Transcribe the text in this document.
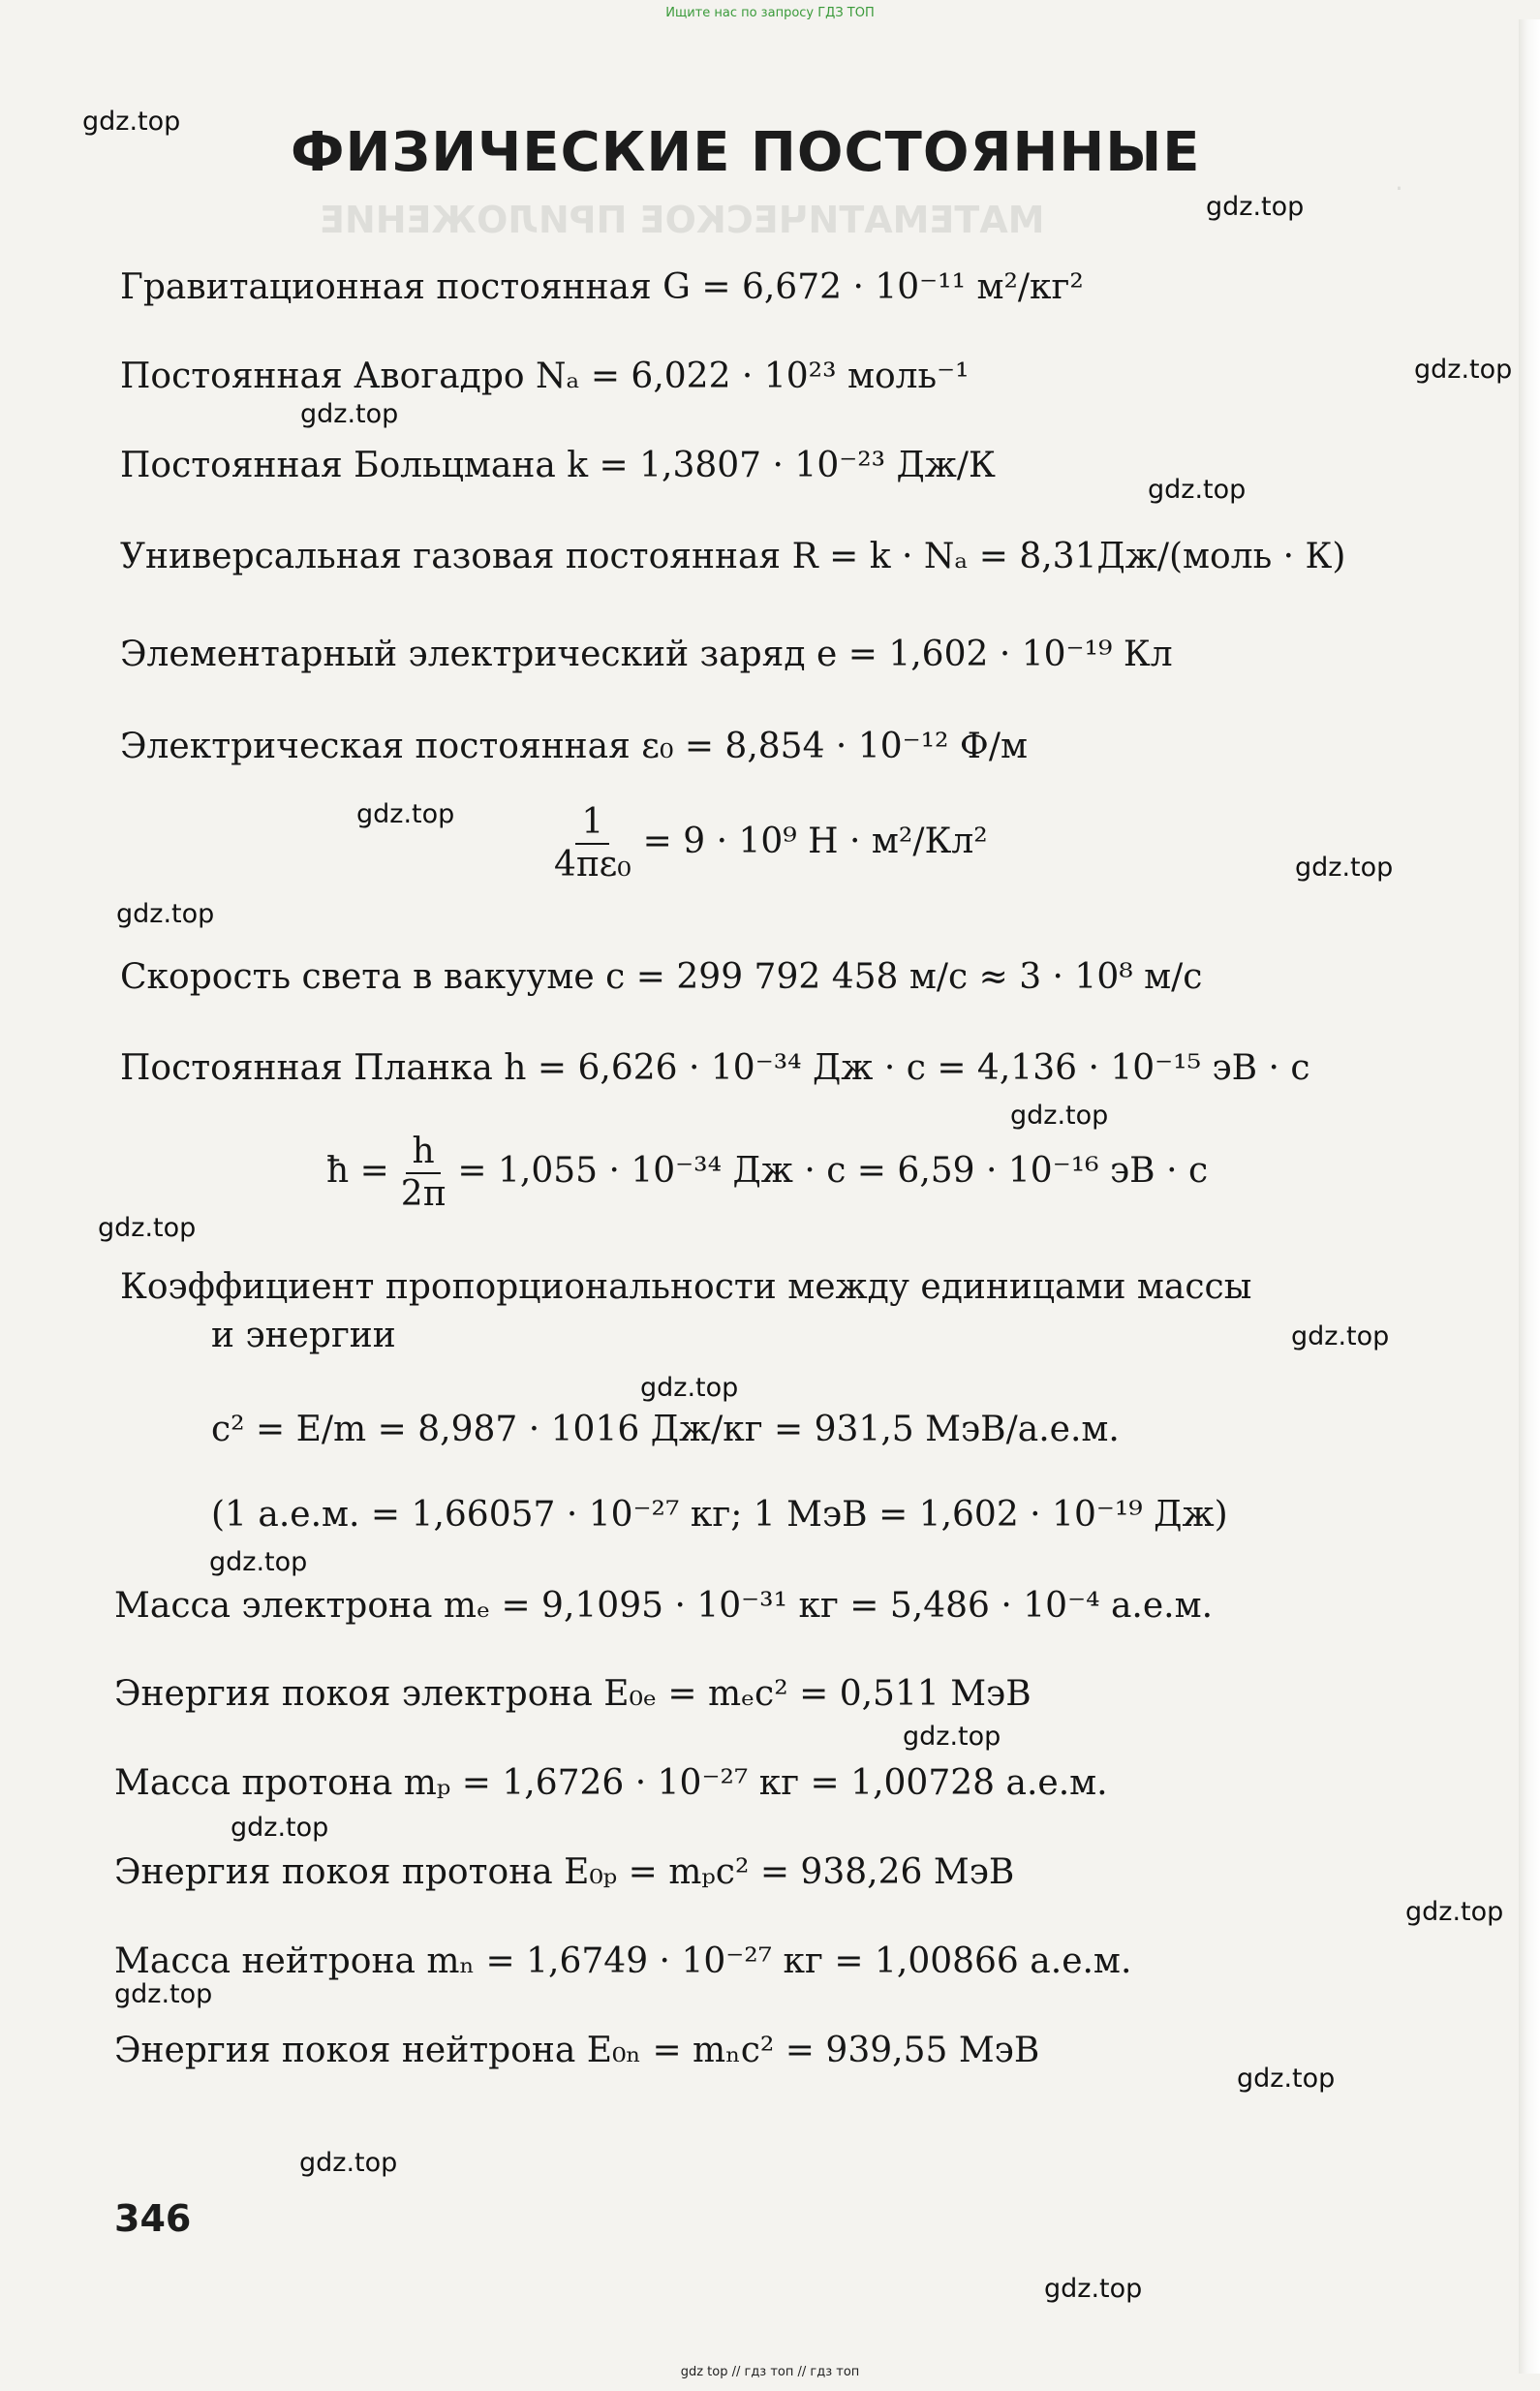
Ищите нас по запросу ГДЗ ТОП
ФИЗИЧЕСКИЕ ПОСТОЯННЫЕ
gdz.top
gdz.top
gdz.top
gdz.top
gdz.top
gdz.top
gdz.top
gdz.top
gdz.top
gdz.top
gdz.top
gdz.top
gdz.top
gdz.top
gdz.top
gdz.top
gdz.top
gdz.top
gdz.top
gdz.top
Гравитационная постоянная G = 6,672 · 10⁻¹¹ м²/кг²
Постоянная Авогадро Nₐ = 6,022 · 10²³ моль⁻¹
Постоянная Больцмана k = 1,3807 · 10⁻²³ Дж/К
Универсальная газовая постоянная R = k · Nₐ = 8,31Дж/(моль · К)
Элементарный электрический заряд e = 1,602 · 10⁻¹⁹ Кл
Электрическая постоянная ε₀ = 8,854 · 10⁻¹² Ф/м
$\frac{1}{\text{4πε₀}} = 9 \cdot 10^9$ Н · м²/Кл²
Скорость света в вакууме c = 299 792 458 м/с ≈ 3 · 10⁸ м/с
Постоянная Планка h = 6,626 · 10⁻³⁴ Дж · с = 4,136 · 10⁻¹⁵ эВ · с
ħ = $\frac{h}{2\pi} = 1,055 \cdot 10^{-34}$ Дж · с = 6,59 · 10⁻¹⁶ эВ · с
Коэффициент пропорциональности между единицами массы
и энергии
c² = E/m = 8,987 · 1016 Дж/кг = 931,5 МэВ/а.е.м.
(1 а.е.м. = 1,66057 · 10⁻²⁷ кг; 1 МэВ = 1,602 · 10⁻¹⁹ Дж)
Масса электрона mₑ = 9,1095 · 10⁻³¹ кг = 5,486 · 10⁻⁴ а.е.м.
Энергия покоя электрона E₀ₑ = mₑc² = 0,511 МэВ
Масса протона mₚ = 1,6726 · 10⁻²⁷ кг = 1,00728 а.е.м.
Энергия покоя протона E₀ₚ = mₚc² = 938,26 МэВ
Масса нейтрона mₙ = 1,6749 · 10⁻²⁷ кг = 1,00866 а.е.м.
Энергия покоя нейтрона E₀ₙ = mₙc² = 939,55 МэВ
346
gdz top // гдз топ // гдз топ
